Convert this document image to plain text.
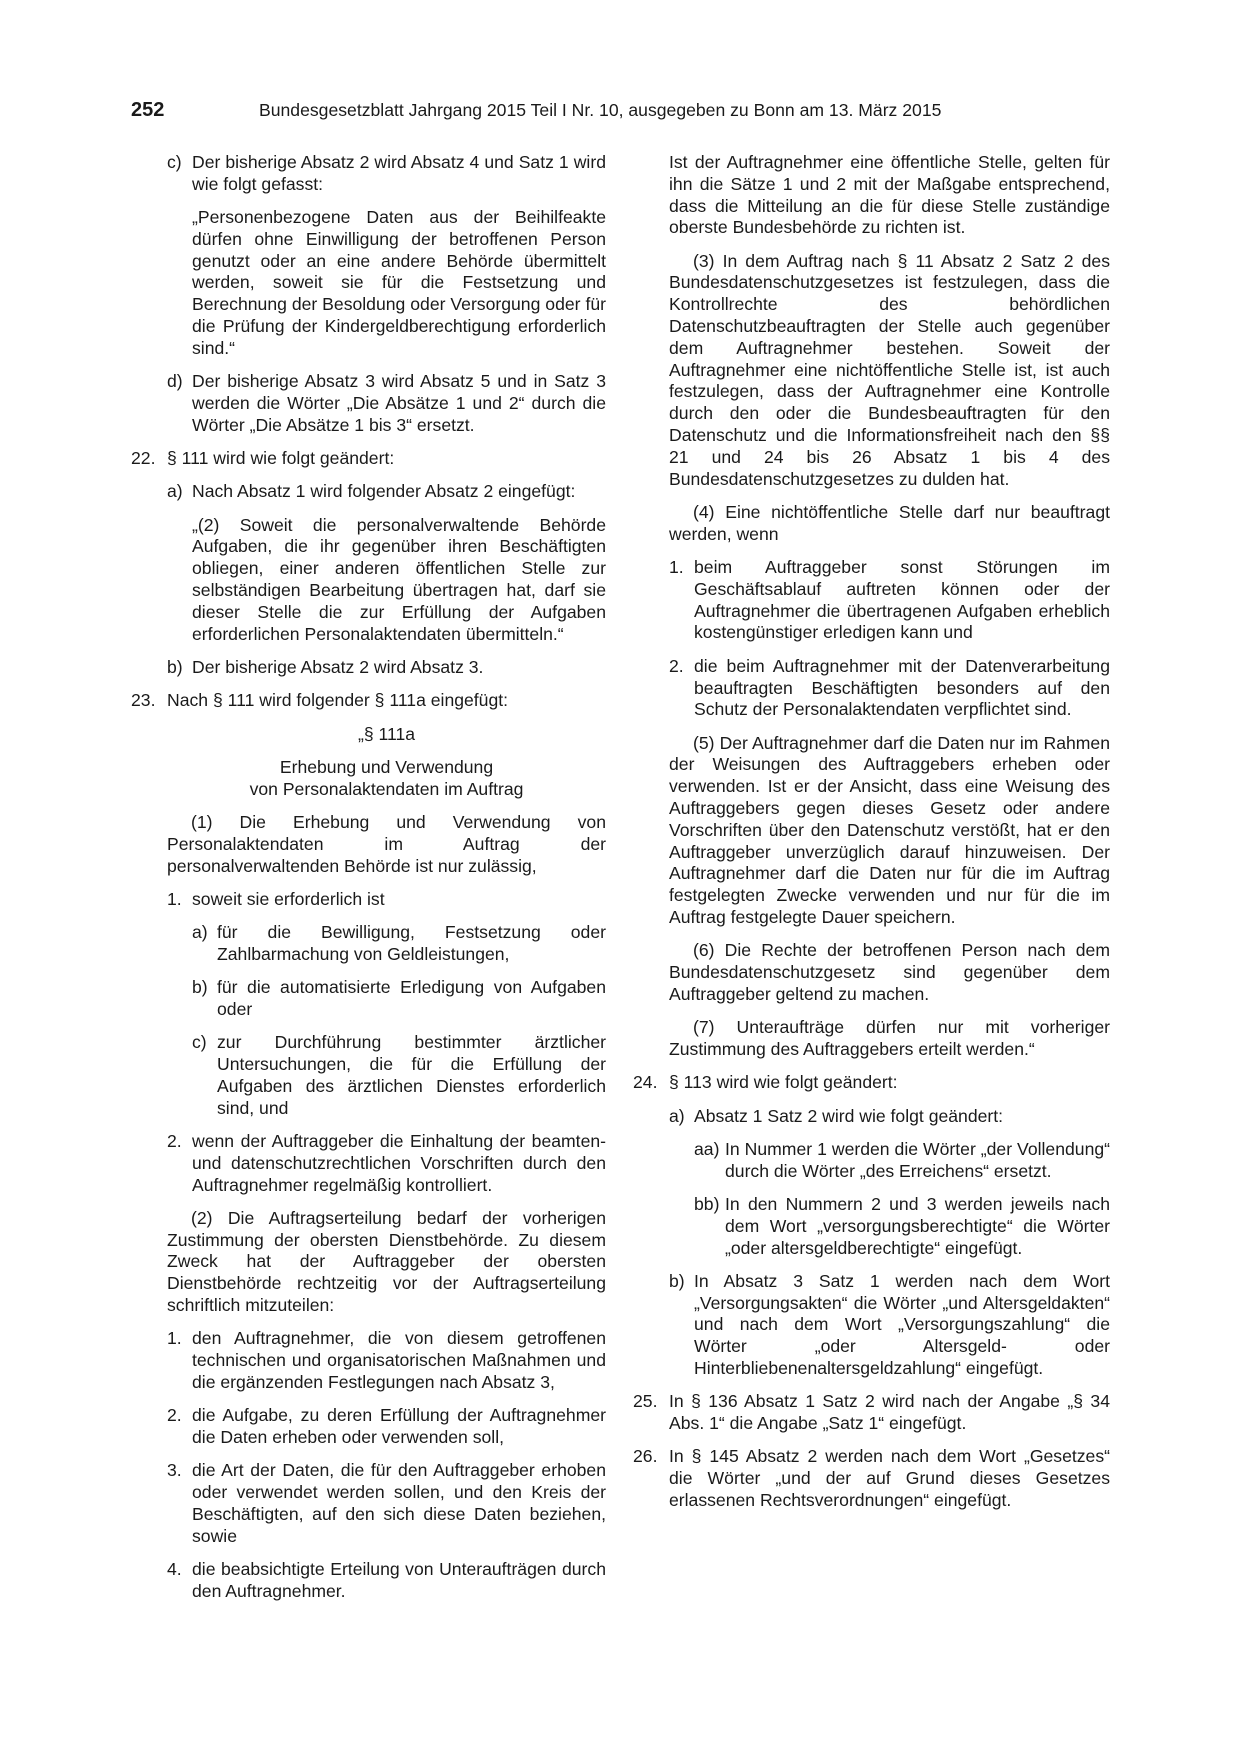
252	Bundesgesetzblatt Jahrgang 2015 Teil I Nr. 10, ausgegeben zu Bonn am 13. März 2015
c) Der bisherige Absatz 2 wird Absatz 4 und Satz 1 wird wie folgt gefasst:

„Personenbezogene Daten aus der Beihilfeakte dürfen ohne Einwilligung der betroffenen Person genutzt oder an eine andere Behörde übermittelt werden, soweit sie für die Festsetzung und Berechnung der Besoldung oder Versorgung oder für die Prüfung der Kindergeldberechtigung erforderlich sind.“

d) Der bisherige Absatz 3 wird Absatz 5 und in Satz 3 werden die Wörter „Die Absätze 1 und 2“ durch die Wörter „Die Absätze 1 bis 3“ ersetzt.
22. § 111 wird wie folgt geändert:
a) Nach Absatz 1 wird folgender Absatz 2 eingefügt:

„(2) Soweit die personalverwaltende Behörde Aufgaben, die ihr gegenüber ihren Beschäftigten obliegen, einer anderen öffentlichen Stelle zur selbständigen Bearbeitung übertragen hat, darf sie dieser Stelle die zur Erfüllung der Aufgaben erforderlichen Personalaktendaten übermitteln.“

b) Der bisherige Absatz 2 wird Absatz 3.
23. Nach § 111 wird folgender § 111a eingefügt:
„§ 111a
Erhebung und Verwendung
von Personalaktendaten im Auftrag

(1) Die Erhebung und Verwendung von Personalaktendaten im Auftrag der personalverwaltenden Behörde ist nur zulässig,

1. soweit sie erforderlich ist
a) für die Bewilligung, Festsetzung oder Zahlbarmachung von Geldleistungen,
b) für die automatisierte Erledigung von Aufgaben oder
c) zur Durchführung bestimmter ärztlicher Untersuchungen, die für die Erfüllung der Aufgaben des ärztlichen Dienstes erforderlich sind, und
2. wenn der Auftraggeber die Einhaltung der beamten- und datenschutzrechtlichen Vorschriften durch den Auftragnehmer regelmäßig kontrolliert.

(2) Die Auftragserteilung bedarf der vorherigen Zustimmung der obersten Dienstbehörde. Zu diesem Zweck hat der Auftraggeber der obersten Dienstbehörde rechtzeitig vor der Auftragserteilung schriftlich mitzuteilen:

1. den Auftragnehmer, die von diesem getroffenen technischen und organisatorischen Maßnahmen und die ergänzenden Festlegungen nach Absatz 3,
2. die Aufgabe, zu deren Erfüllung der Auftragnehmer die Daten erheben oder verwenden soll,
3. die Art der Daten, die für den Auftraggeber erhoben oder verwendet werden sollen, und den Kreis der Beschäftigten, auf den sich diese Daten beziehen, sowie
4. die beabsichtigte Erteilung von Unteraufträgen durch den Auftragnehmer.

Ist der Auftragnehmer eine öffentliche Stelle, gelten für ihn die Sätze 1 und 2 mit der Maßgabe entsprechend, dass die Mitteilung an die für diese Stelle zuständige oberste Bundesbehörde zu richten ist.

(3) In dem Auftrag nach § 11 Absatz 2 Satz 2 des Bundesdatenschutzgesetzes ist festzulegen, dass die Kontrollrechte des behördlichen Datenschutzbeauftragten der Stelle auch gegenüber dem Auftragnehmer bestehen. Soweit der Auftragnehmer eine nichtöffentliche Stelle ist, ist auch festzulegen, dass der Auftragnehmer eine Kontrolle durch den oder die Bundesbeauftragten für den Datenschutz und die Informationsfreiheit nach den §§ 21 und 24 bis 26 Absatz 1 bis 4 des Bundesdatenschutzgesetzes zu dulden hat.

(4) Eine nichtöffentliche Stelle darf nur beauftragt werden, wenn

1. beim Auftraggeber sonst Störungen im Geschäftsablauf auftreten können oder der Auftragnehmer die übertragenen Aufgaben erheblich kostengünstiger erledigen kann und
2. die beim Auftragnehmer mit der Datenverarbeitung beauftragten Beschäftigten besonders auf den Schutz der Personalaktendaten verpflichtet sind.

(5) Der Auftragnehmer darf die Daten nur im Rahmen der Weisungen des Auftraggebers erheben oder verwenden. Ist er der Ansicht, dass eine Weisung des Auftraggebers gegen dieses Gesetz oder andere Vorschriften über den Datenschutz verstößt, hat er den Auftraggeber unverzüglich darauf hinzuweisen. Der Auftragnehmer darf die Daten nur für die im Auftrag festgelegten Zwecke verwenden und nur für die im Auftrag festgelegte Dauer speichern.

(6) Die Rechte der betroffenen Person nach dem Bundesdatenschutzgesetz sind gegenüber dem Auftraggeber geltend zu machen.

(7) Unteraufträge dürfen nur mit vorheriger Zustimmung des Auftraggebers erteilt werden.“

24. § 113 wird wie folgt geändert:
a) Absatz 1 Satz 2 wird wie folgt geändert:
aa) In Nummer 1 werden die Wörter „der Vollendung“ durch die Wörter „des Erreichens“ ersetzt.
bb) In den Nummern 2 und 3 werden jeweils nach dem Wort „versorgungsberechtigte“ die Wörter „oder altersgeldberechtigte“ eingefügt.
b) In Absatz 3 Satz 1 werden nach dem Wort „Versorgungsakten“ die Wörter „und Altersgeldakten“ und nach dem Wort „Versorgungszahlung“ die Wörter „oder Altersgeld- oder Hinterbliebenenaltersgeldzahlung“ eingefügt.
25. In § 136 Absatz 1 Satz 2 wird nach der Angabe „§ 34 Abs. 1“ die Angabe „Satz 1“ eingefügt.
26. In § 145 Absatz 2 werden nach dem Wort „Gesetzes“ die Wörter „und der auf Grund dieses Gesetzes erlassenen Rechtsverordnungen“ eingefügt.
